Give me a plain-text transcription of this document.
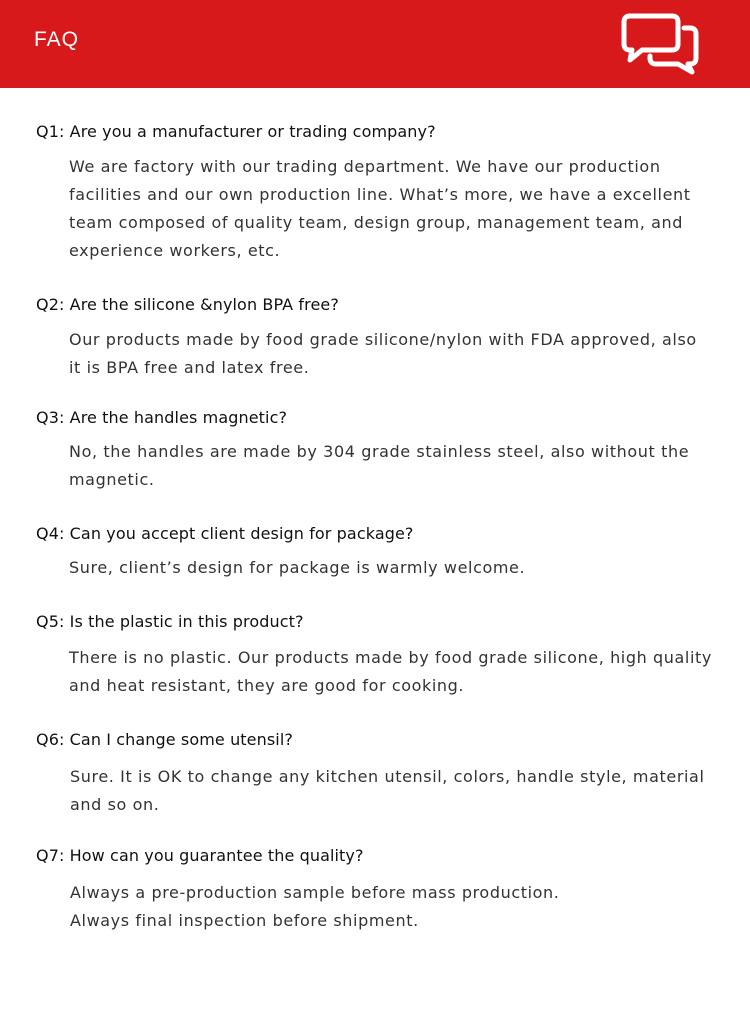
FAQ
Q1: Are you a manufacturer or trading company?
We are factory with our trading department. We have our production
facilities and our own production line. What’s more, we have a excellent
team composed of quality team, design group, management team, and
experience workers, etc.
Q2: Are the silicone &nylon BPA free?
Our products made by food grade silicone/nylon with FDA approved, also
it is BPA free and latex free.
Q3: Are the handles magnetic?
No, the handles are made by 304 grade stainless steel, also without the
magnetic.
Q4: Can you accept client design for package?
Sure, client’s design for package is warmly welcome.
Q5: Is the plastic in this product?
There is no plastic. Our products made by food grade silicone, high quality
and heat resistant, they are good for cooking.
Q6: Can I change some utensil?
Sure. It is OK to change any kitchen utensil, colors, handle style, material
and so on.
Q7: How can you guarantee the quality?
Always a pre-production sample before mass production.
Always final inspection before shipment.
